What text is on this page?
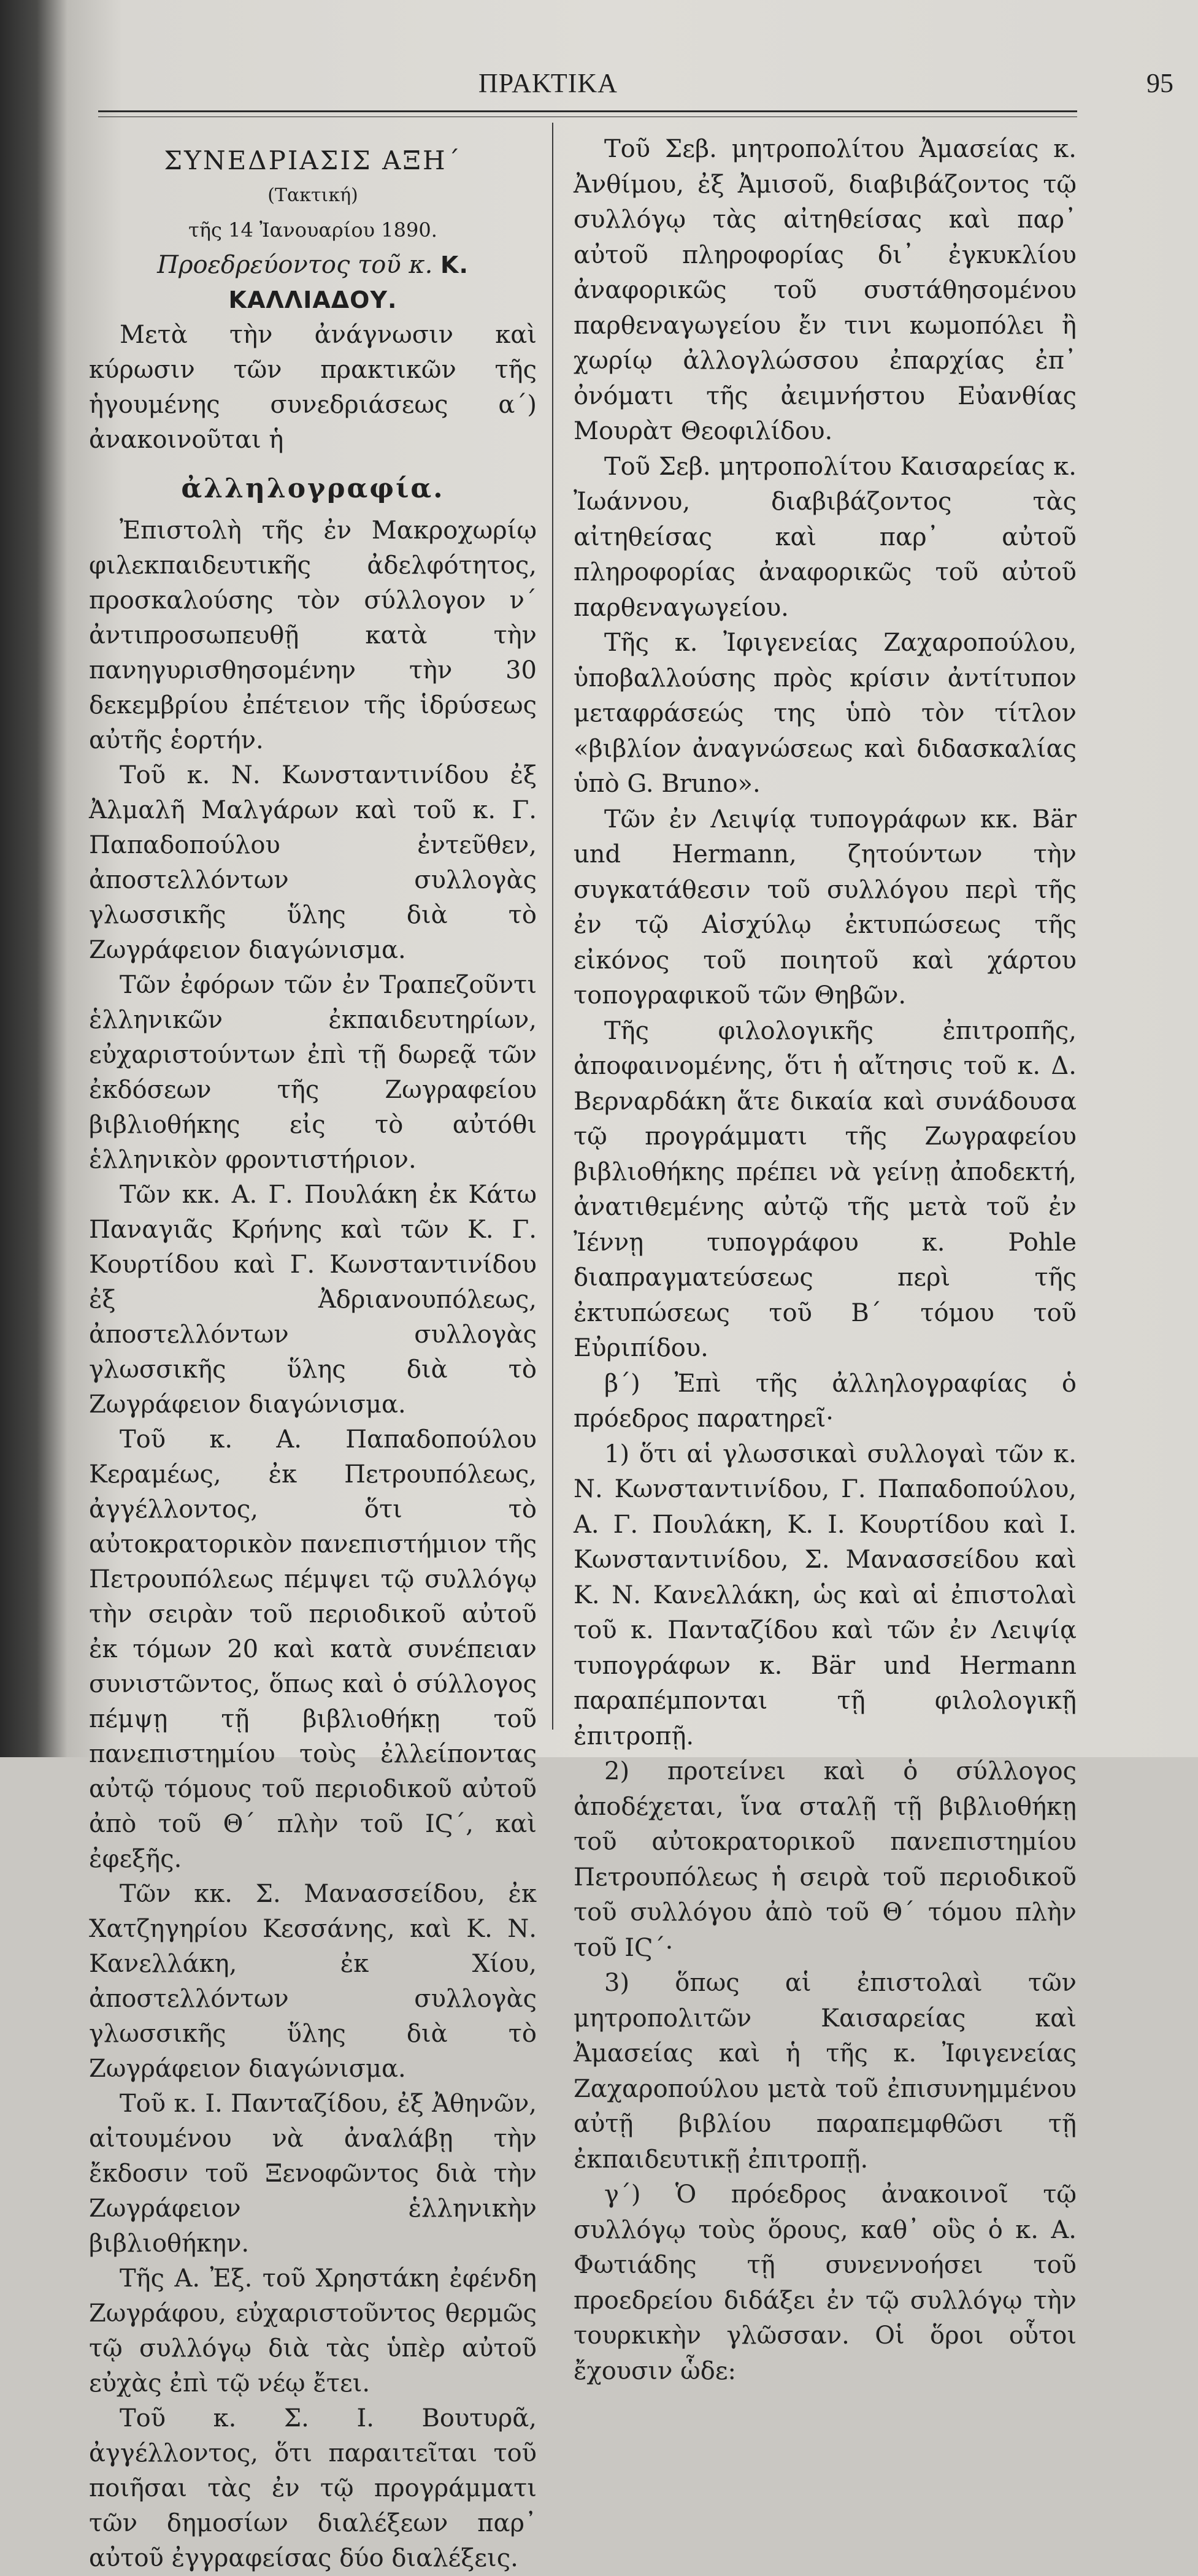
ΠΡΑΚΤΙΚΑ	95

ΣΥΝΕΔΡΙΑΣΙΣ ΑΞΗ΄

(Τακτική)

τῆς 14 Ἰανουαρίου 1890.

Προεδρεύοντος τοῦ κ. Κ. ΚΑΛΛΙΑΔΟΥ.

Μετὰ τὴν ἀνάγνωσιν καὶ κύρωσιν τῶν πρακτικῶν τῆς ἡγουμένης συνεδριάσεως α΄) ἀνακοινοῦται ἡ

ἀλληλογραφία.

Ἐπιστολὴ τῆς ἐν Μακροχωρίῳ φιλεκπαιδευτικῆς ἀδελφότητος, προσκαλούσης τὸν σύλλογον ν΄ ἀντιπροσωπευθῇ κατὰ τὴν πανηγυρισθησομένην τὴν 30 δεκεμβρίου ἐπέτειον τῆς ἱδρύσεως αὐτῆς ἑορτήν.

Τοῦ κ. Ν. Κωνσταντινίδου ἐξ Ἀλμαλῆ Μαλγάρων καὶ τοῦ κ. Γ. Παπαδοπούλου ἐντεῦθεν, ἀποστελλόντων συλλογὰς γλωσσικῆς ὕλης διὰ τὸ Ζωγράφειον διαγώνισμα.

Τῶν ἐφόρων τῶν ἐν Τραπεζοῦντι ἑλληνικῶν ἐκπαιδευτηρίων, εὐχαριστούντων ἐπὶ τῇ δωρεᾷ τῶν ἐκδόσεων τῆς Ζωγραφείου βιβλιοθήκης εἰς τὸ αὐτόθι ἑλληνικὸν φροντιστήριον.

Τῶν κκ. Α. Γ. Πουλάκη ἐκ Κάτω Παναγιᾶς Κρήνης καὶ τῶν Κ. Γ. Κουρτίδου καὶ Γ. Κωνσταντινίδου ἐξ Ἀδριανουπόλεως, ἀποστελλόντων συλλογὰς γλωσσικῆς ὕλης διὰ τὸ Ζωγράφειον διαγώνισμα.

Τοῦ κ. Α. Παπαδοπούλου Κεραμέως, ἐκ Πετρουπόλεως, ἀγγέλλοντος, ὅτι τὸ αὐτοκρατορικὸν πανεπιστήμιον τῆς Πετρουπόλεως πέμψει τῷ συλλόγῳ τὴν σειρὰν τοῦ περιοδικοῦ αὐτοῦ ἐκ τόμων 20 καὶ κατὰ συνέπειαν συνιστῶντος, ὅπως καὶ ὁ σύλλογος πέμψῃ τῇ βιβλιοθήκῃ τοῦ πανεπιστημίου τοὺς ἐλλείποντας αὐτῷ τόμους τοῦ περιοδικοῦ αὐτοῦ ἀπὸ τοῦ Θ΄ πλὴν τοῦ ΙϚ΄, καὶ ἐφεξῆς.

Τῶν κκ. Σ. Μανασσείδου, ἐκ Χατζηγηρίου Κεσσάνης, καὶ Κ. Ν. Κανελλάκη, ἐκ Χίου, ἀποστελλόντων συλλογὰς γλωσσικῆς ὕλης διὰ τὸ Ζωγράφειον διαγώνισμα.

Τοῦ κ. Ι. Πανταζίδου, ἐξ Ἀθηνῶν, αἰτουμένου νὰ ἀναλάβῃ τὴν ἔκδοσιν τοῦ Ξενοφῶντος διὰ τὴν Ζωγράφειον ἑλληνικὴν βιβλιοθήκην.

Τῆς Α. Ἐξ. τοῦ Χρηστάκη ἐφένδη Ζωγράφου, εὐχαριστοῦντος θερμῶς τῷ συλλόγῳ διὰ τὰς ὑπὲρ αὐτοῦ εὐχὰς ἐπὶ τῷ νέῳ ἔτει.

Τοῦ κ. Σ. Ι. Βουτυρᾶ, ἀγγέλλοντος, ὅτι παραιτεῖται τοῦ ποιῆσαι τὰς ἐν τῷ προγράμματι τῶν δημοσίων διαλέξεων παρ᾽ αὐτοῦ ἐγγραφείσας δύο διαλέξεις.

Τοῦ Σεβ. μητροπολίτου Ἀμασείας κ. Ἀνθίμου, ἐξ Ἀμισοῦ, διαβιβάζοντος τῷ συλλόγῳ τὰς αἰτηθείσας καὶ παρ᾽ αὐτοῦ πληροφορίας δι᾽ ἐγκυκλίου ἀναφορικῶς τοῦ συστάθησομένου παρθεναγωγείου ἔν τινι κωμοπόλει ἢ χωρίῳ ἀλλογλώσσου ἐπαρχίας ἐπ᾽ ὀνόματι τῆς ἀειμνήστου Εὐανθίας Μουρὰτ Θεοφιλίδου.

Τοῦ Σεβ. μητροπολίτου Καισαρείας κ. Ἰωάννου, διαβιβάζοντος τὰς αἰτηθείσας καὶ παρ᾽ αὐτοῦ πληροφορίας ἀναφορικῶς τοῦ αὐτοῦ παρθεναγωγείου.

Τῆς κ. Ἰφιγενείας Ζαχαροπούλου, ὑποβαλλούσης πρὸς κρίσιν ἀντίτυπον μεταφράσεώς της ὑπὸ τὸν τίτλον «βιβλίον ἀναγνώσεως καὶ διδασκαλίας ὑπὸ G. Bruno».

Τῶν ἐν Λειψίᾳ τυπογράφων κκ. Bär und Hermann, ζητούντων τὴν συγκατάθεσιν τοῦ συλλόγου περὶ τῆς ἐν τῷ Αἰσχύλῳ ἐκτυπώσεως τῆς εἰκόνος τοῦ ποιητοῦ καὶ χάρτου τοπογραφικοῦ τῶν Θηβῶν.

Τῆς φιλολογικῆς ἐπιτροπῆς, ἀποφαινομένης, ὅτι ἡ αἴτησις τοῦ κ. Δ. Βερναρδάκη ἅτε δικαία καὶ συνάδουσα τῷ προγράμματι τῆς Ζωγραφείου βιβλιοθήκης πρέπει νὰ γείνῃ ἀποδεκτή, ἀνατιθεμένης αὐτῷ τῆς μετὰ τοῦ ἐν Ἰέννῃ τυπογράφου κ. Pohle διαπραγματεύσεως περὶ τῆς ἐκτυπώσεως τοῦ Β΄ τόμου τοῦ Εὐριπίδου.

β΄) Ἐπὶ τῆς ἀλληλογραφίας ὁ πρόεδρος παρατηρεῖ·

1) ὅτι αἱ γλωσσικαὶ συλλογαὶ τῶν κ. Ν. Κωνσταντινίδου, Γ. Παπαδοπούλου, Α. Γ. Πουλάκη, Κ. Ι. Κουρτίδου καὶ Ι. Κωνσταντινίδου, Σ. Μανασσείδου καὶ Κ. Ν. Κανελλάκη, ὡς καὶ αἱ ἐπιστολαὶ τοῦ κ. Πανταζίδου καὶ τῶν ἐν Λειψίᾳ τυπογράφων κ. Bär und Hermann παραπέμπονται τῇ φιλολογικῇ ἐπιτροπῇ.

2) προτείνει καὶ ὁ σύλλογος ἀποδέχεται, ἵνα σταλῇ τῇ βιβλιοθήκῃ τοῦ αὐτοκρατορικοῦ πανεπιστημίου Πετρουπόλεως ἡ σειρὰ τοῦ περιοδικοῦ τοῦ συλλόγου ἀπὸ τοῦ Θ΄ τόμου πλὴν τοῦ ΙϚ΄·

3) ὅπως αἱ ἐπιστολαὶ τῶν μητροπολιτῶν Καισαρείας καὶ Ἀμασείας καὶ ἡ τῆς κ. Ἰφιγενείας Ζαχαροπούλου μετὰ τοῦ ἐπισυνημμένου αὐτῇ βιβλίου παραπεμφθῶσι τῇ ἐκπαιδευτικῇ ἐπιτροπῇ.

γ΄) Ὁ πρόεδρος ἀνακοινοῖ τῷ συλλόγῳ τοὺς ὅρους, καθ᾽ οὓς ὁ κ. Α. Φωτιάδης τῇ συνεννοήσει τοῦ προεδρείου διδάξει ἐν τῷ συλλόγῳ τὴν τουρκικὴν γλῶσσαν. Οἱ ὅροι οὗτοι ἔχουσιν ὧδε:
